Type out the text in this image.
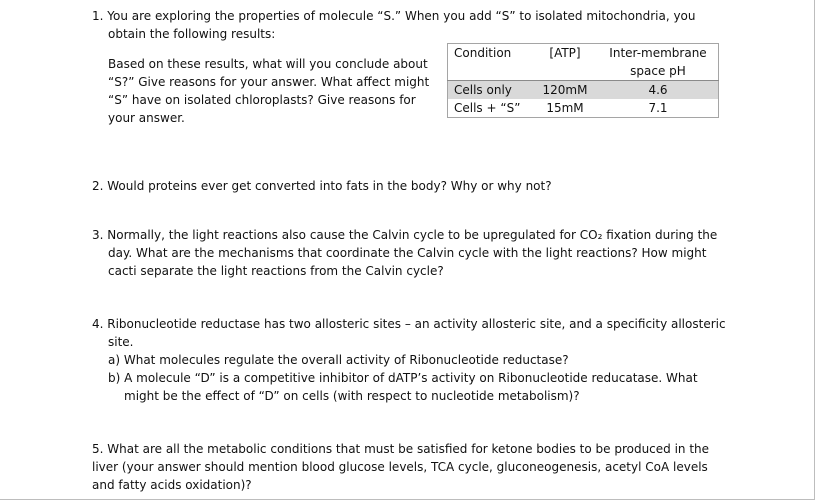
1. You are exploring the properties of molecule “S.” When you add “S” to isolated mitochondria, you
obtain the following results:
Based on these results, what will you conclude about
“S?” Give reasons for your answer. What affect might
“S” have on isolated chloroplasts? Give reasons for
your answer.
Condition	[ATP]	Inter-membrane space pH
Cells only	120mM	4.6
Cells + “S”	15mM	7.1
2. Would proteins ever get converted into fats in the body? Why or why not?
3. Normally, the light reactions also cause the Calvin cycle to be upregulated for CO₂ fixation during the
day. What are the mechanisms that coordinate the Calvin cycle with the light reactions? How might
cacti separate the light reactions from the Calvin cycle?
4. Ribonucleotide reductase has two allosteric sites – an activity allosteric site, and a specificity allosteric
site.
a) What molecules regulate the overall activity of Ribonucleotide reductase?
b) A molecule “D” is a competitive inhibitor of dATP’s activity on Ribonucleotide reducatase. What
might be the effect of “D” on cells (with respect to nucleotide metabolism)?
5. What are all the metabolic conditions that must be satisfied for ketone bodies to be produced in the
liver (your answer should mention blood glucose levels, TCA cycle, gluconeogenesis, acetyl CoA levels
and fatty acids oxidation)?
